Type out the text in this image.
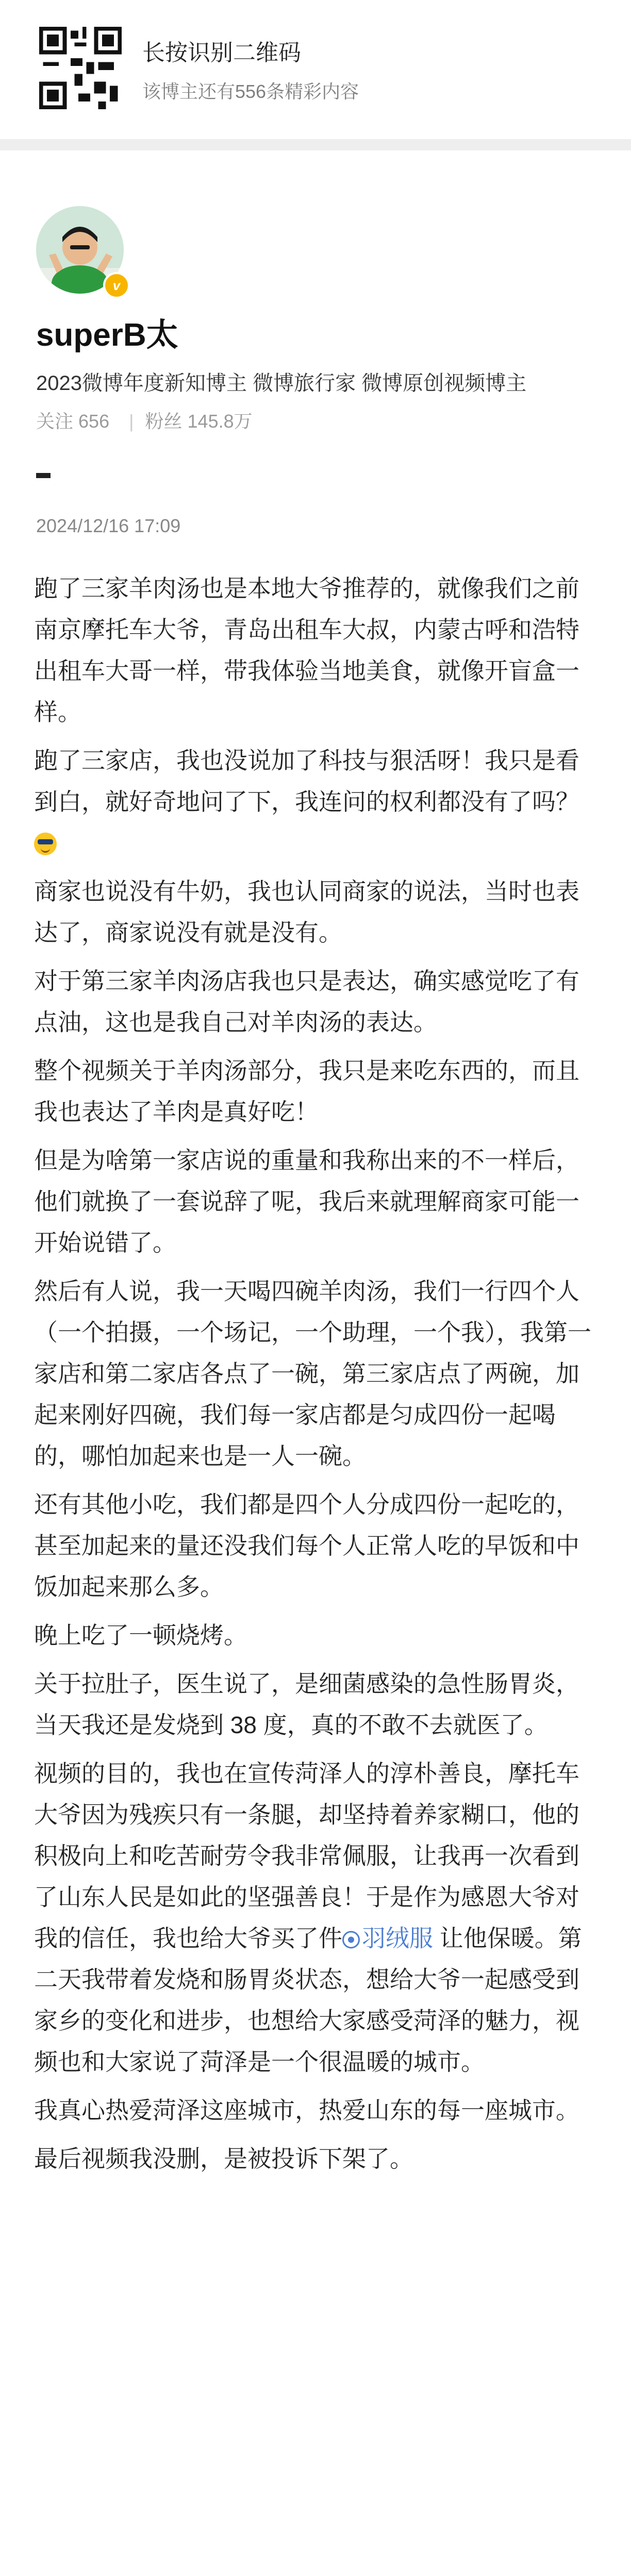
长按识别二维码
该博主还有556条精彩内容
v
superB太
2023微博年度新知博主 微博旅行家 微博原创视频博主
关注 656 | 粉丝 145.8万
2024/12/16 17:09

跑了三家羊肉汤也是本地大爷推荐的，就像我们之前南京摩托车大爷，青岛出租车大叔，内蒙古呼和浩特出租车大哥一样，带我体验当地美食，就像开盲盒一样。

跑了三家店，我也没说加了科技与狠活呀！我只是看到白，就好奇地问了下，我连问的权利都没有了吗？

商家也说没有牛奶，我也认同商家的说法，当时也表达了，商家说没有就是没有。

对于第三家羊肉汤店我也只是表达，确实感觉吃了有点油，这也是我自己对羊肉汤的表达。

整个视频关于羊肉汤部分，我只是来吃东西的，而且我也表达了羊肉是真好吃！

但是为啥第一家店说的重量和我称出来的不一样后，他们就换了一套说辞了呢，我后来就理解商家可能一开始说错了。

然后有人说，我一天喝四碗羊肉汤，我们一行四个人（一个拍摄，一个场记，一个助理，一个我），我第一家店和第二家店各点了一碗，第三家店点了两碗，加起来刚好四碗，我们每一家店都是匀成四份一起喝的，哪怕加起来也是一人一碗。

还有其他小吃，我们都是四个人分成四份一起吃的，甚至加起来的量还没我们每个人正常人吃的早饭和中饭加起来那么多。

晚上吃了一顿烧烤。

关于拉肚子，医生说了，是细菌感染的急性肠胃炎，当天我还是发烧到 38 度，真的不敢不去就医了。

视频的目的，我也在宣传菏泽人的淳朴善良，摩托车大爷因为残疾只有一条腿，却坚持着养家糊口，他的积极向上和吃苦耐劳令我非常佩服，让我再一次看到了山东人民是如此的坚强善良！于是作为感恩大爷对我的信任，我也给大爷买了件 羽绒服 让他保暖。第二天我带着发烧和肠胃炎状态，想给大爷一起感受到家乡的变化和进步，也想给大家感受菏泽的魅力，视频也和大家说了菏泽是一个很温暖的城市。

我真心热爱菏泽这座城市，热爱山东的每一座城市。

最后视频我没删，是被投诉下架了。
